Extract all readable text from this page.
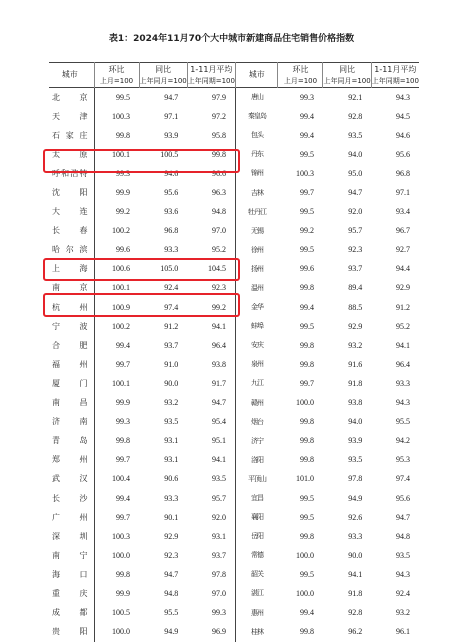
表1：2024年11月70个大中城市新建商品住宅销售价格指数
城市	环比	同比	1-11月平均	城市	环比	同比	1-11月平均
	上月=100	上年同月=100	上年同期=100		上月=100	上年同月=100	上年同期=100
北京	99.5	94.7	97.9	唐山	99.3	92.1	94.3
天津	100.3	97.1	97.2	秦皇岛	99.4	92.8	94.5
石家庄	99.8	93.9	95.8	包头	99.4	93.5	94.6
太原	100.1	100.5	99.8	丹东	99.5	94.0	95.6
呼和浩特	99.3	94.6	96.6	锦州	100.3	95.0	96.8
沈阳	99.9	95.6	96.3	吉林	99.7	94.7	97.1
大连	99.2	93.6	94.8	牡丹江	99.5	92.0	93.4
长春	100.2	96.8	97.0	无锡	99.2	95.7	96.7
哈尔滨	99.6	93.3	95.2	徐州	99.5	92.3	92.7
上海	100.6	105.0	104.5	扬州	99.6	93.7	94.4
南京	100.1	92.4	92.3	温州	99.8	89.4	92.9
杭州	100.9	97.4	99.2	金华	99.4	88.5	91.2
宁波	100.2	91.2	94.1	蚌埠	99.5	92.9	95.2
合肥	99.4	93.7	96.4	安庆	99.8	93.2	94.1
福州	99.7	91.0	93.8	泉州	99.8	91.6	96.4
厦门	100.1	90.0	91.7	九江	99.7	91.8	93.3
南昌	99.9	93.2	94.7	赣州	100.0	93.8	94.3
济南	99.3	93.5	95.4	烟台	99.8	94.0	95.5
青岛	99.8	93.1	95.1	济宁	99.8	93.9	94.2
郑州	99.7	93.1	94.1	洛阳	99.8	93.5	95.3
武汉	100.4	90.6	93.5	平顶山	101.0	97.8	97.4
长沙	99.4	93.3	95.7	宜昌	99.5	94.9	95.6
广州	99.7	90.1	92.0	襄阳	99.5	92.6	94.7
深圳	100.3	92.9	93.1	岳阳	99.8	93.3	94.8
南宁	100.0	92.3	93.7	常德	100.0	90.0	93.5
海口	99.8	94.7	97.8	韶关	99.5	94.1	94.3
重庆	99.9	94.8	97.0	湛江	100.0	91.8	92.4
成都	100.5	95.5	99.3	惠州	99.4	92.8	93.2
贵阳	100.0	94.9	96.9	桂林	99.8	96.2	96.1
